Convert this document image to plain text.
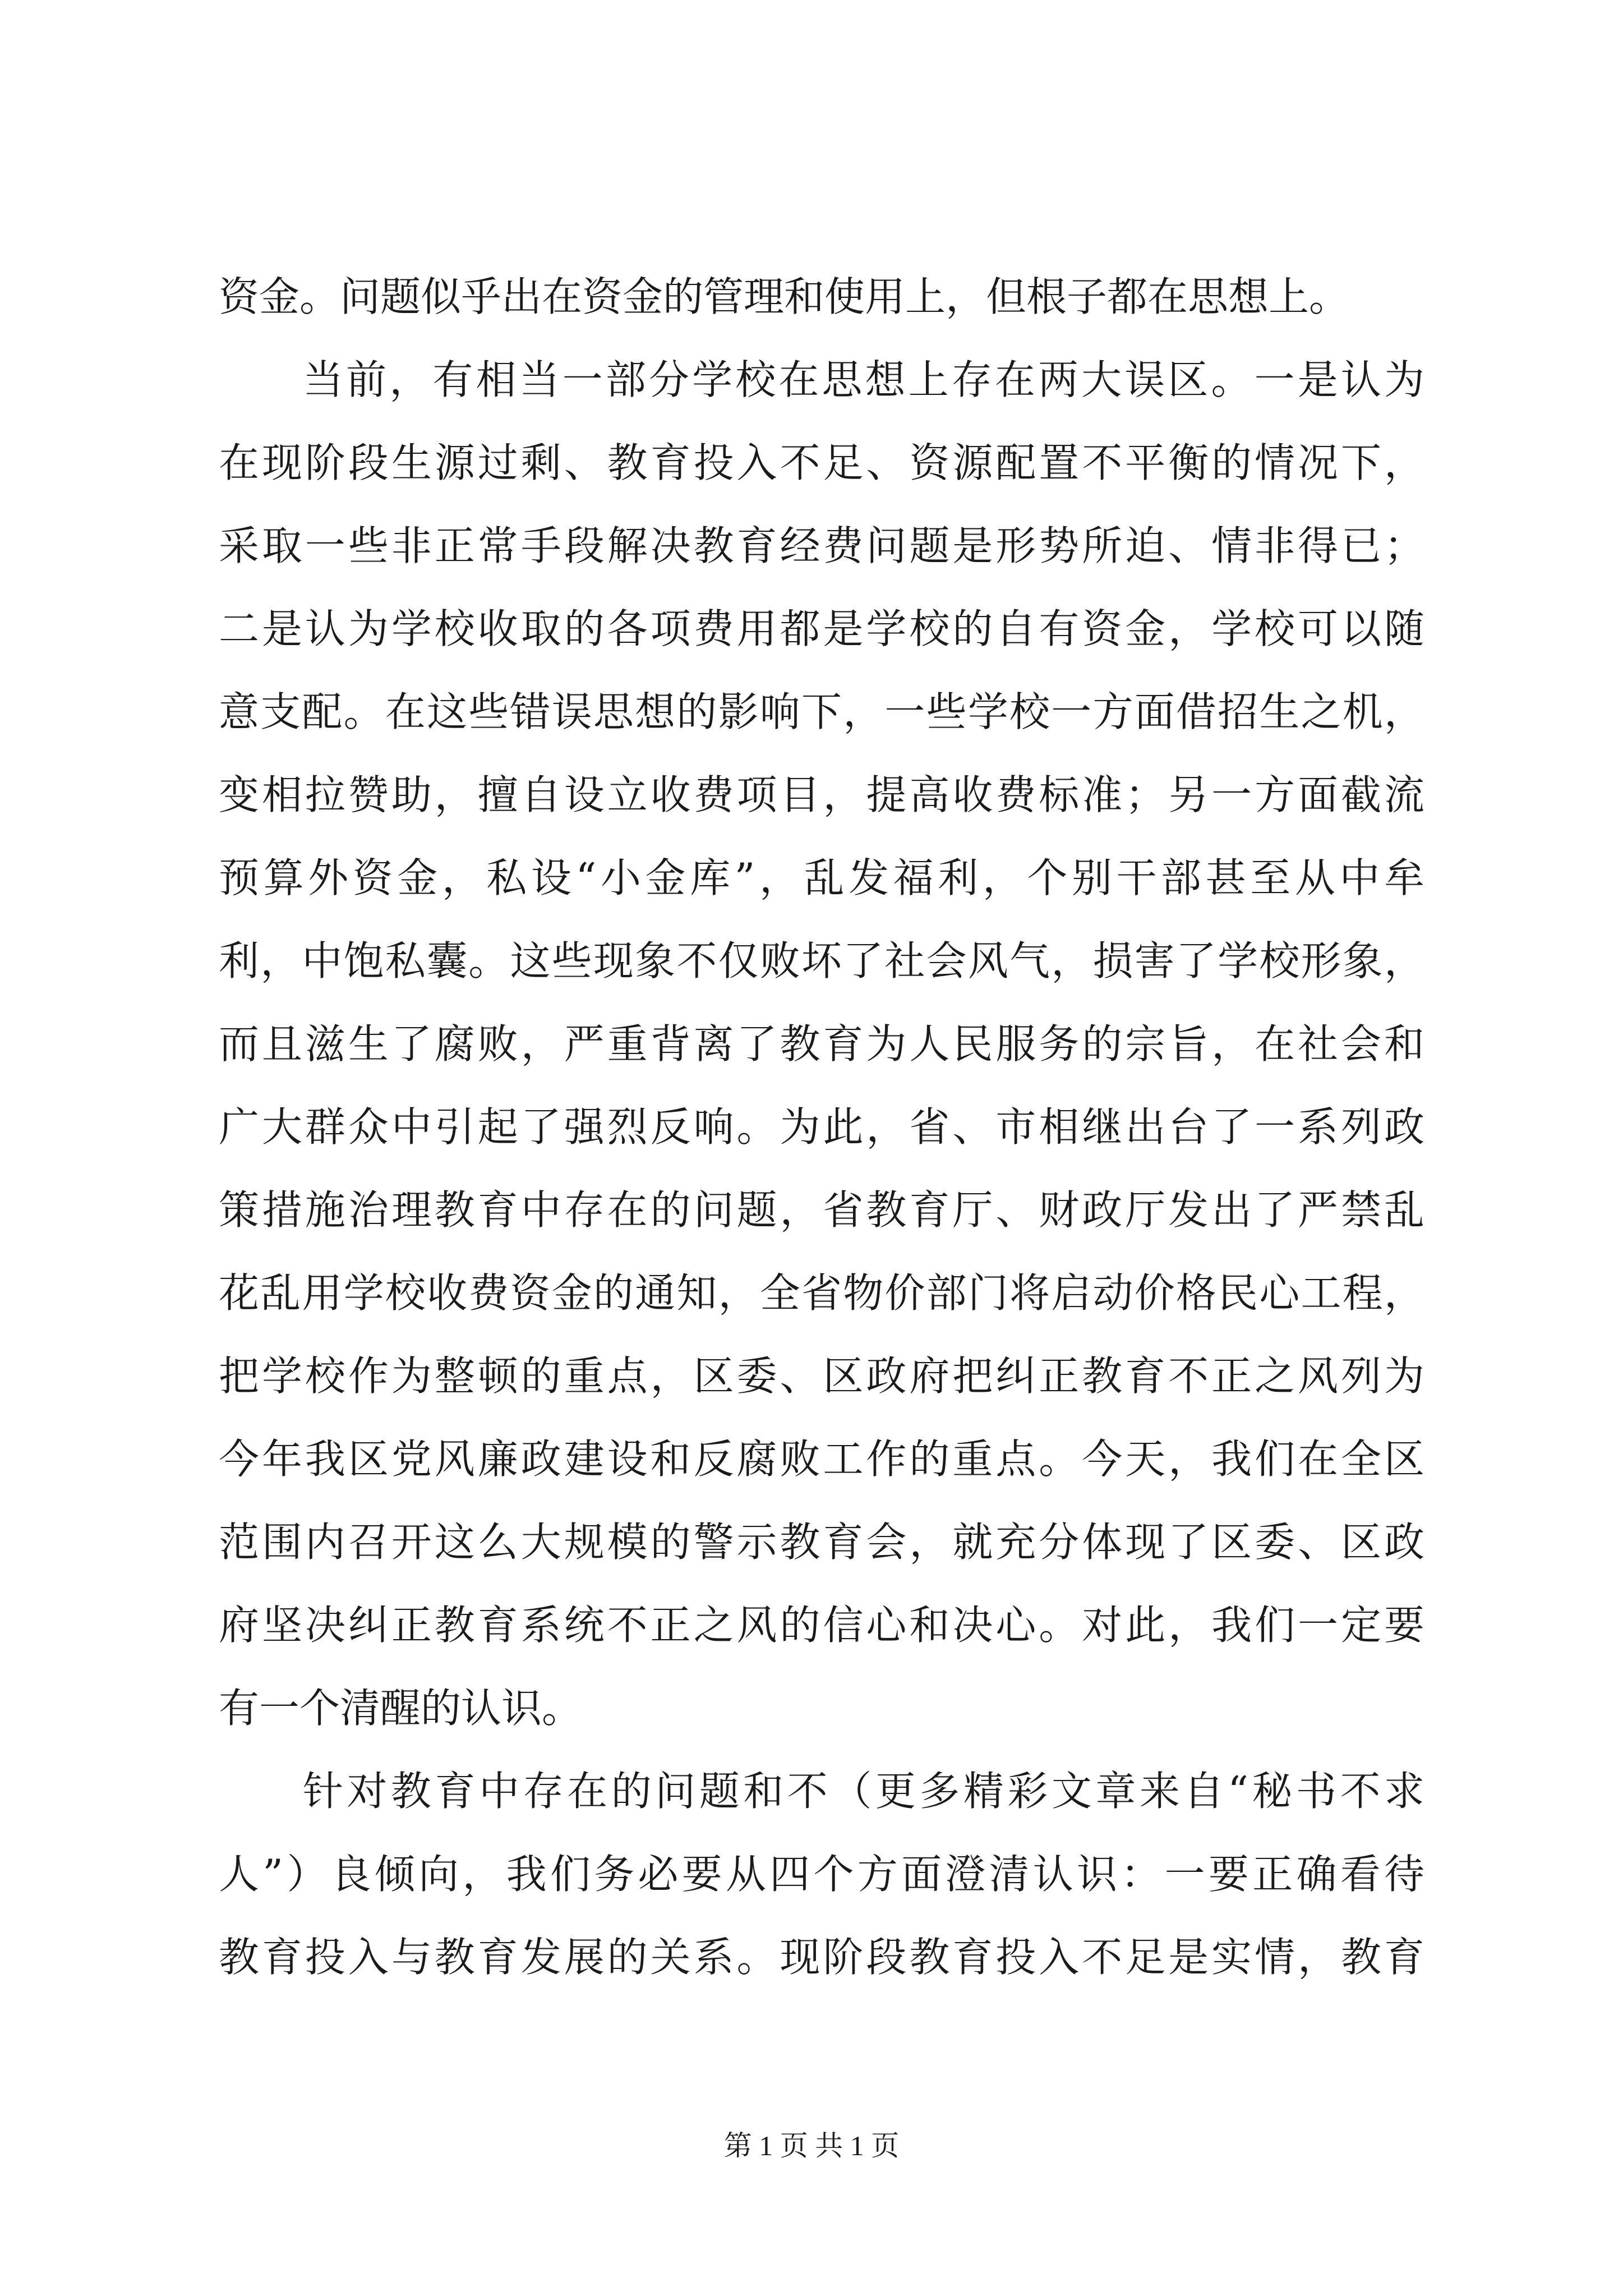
资金。问题似乎出在资金的管理和使用上，但根子都在思想上。
当前，有相当一部分学校在思想上存在两大误区。一是认为
在现阶段生源过剩、教育投入不足、资源配置不平衡的情况下，
采取一些非正常手段解决教育经费问题是形势所迫、情非得已；
二是认为学校收取的各项费用都是学校的自有资金，学校可以随
意支配。在这些错误思想的影响下，一些学校一方面借招生之机，
变相拉赞助，擅自设立收费项目，提高收费标准；另一方面截流
预算外资金，私设“小金库”，乱发福利，个别干部甚至从中牟
利，中饱私囊。这些现象不仅败坏了社会风气，损害了学校形象，
而且滋生了腐败，严重背离了教育为人民服务的宗旨，在社会和
广大群众中引起了强烈反响。为此，省、市相继出台了一系列政
策措施治理教育中存在的问题，省教育厅、财政厅发出了严禁乱
花乱用学校收费资金的通知，全省物价部门将启动价格民心工程，
把学校作为整顿的重点，区委、区政府把纠正教育不正之风列为
今年我区党风廉政建设和反腐败工作的重点。今天，我们在全区
范围内召开这么大规模的警示教育会，就充分体现了区委、区政
府坚决纠正教育系统不正之风的信心和决心。对此，我们一定要
有一个清醒的认识。
针对教育中存在的问题和不（更多精彩文章来自“秘书不求
人”）良倾向，我们务必要从四个方面澄清认识：一要正确看待
教育投入与教育发展的关系。现阶段教育投入不足是实情，教育
第 1 页 共 1 页
